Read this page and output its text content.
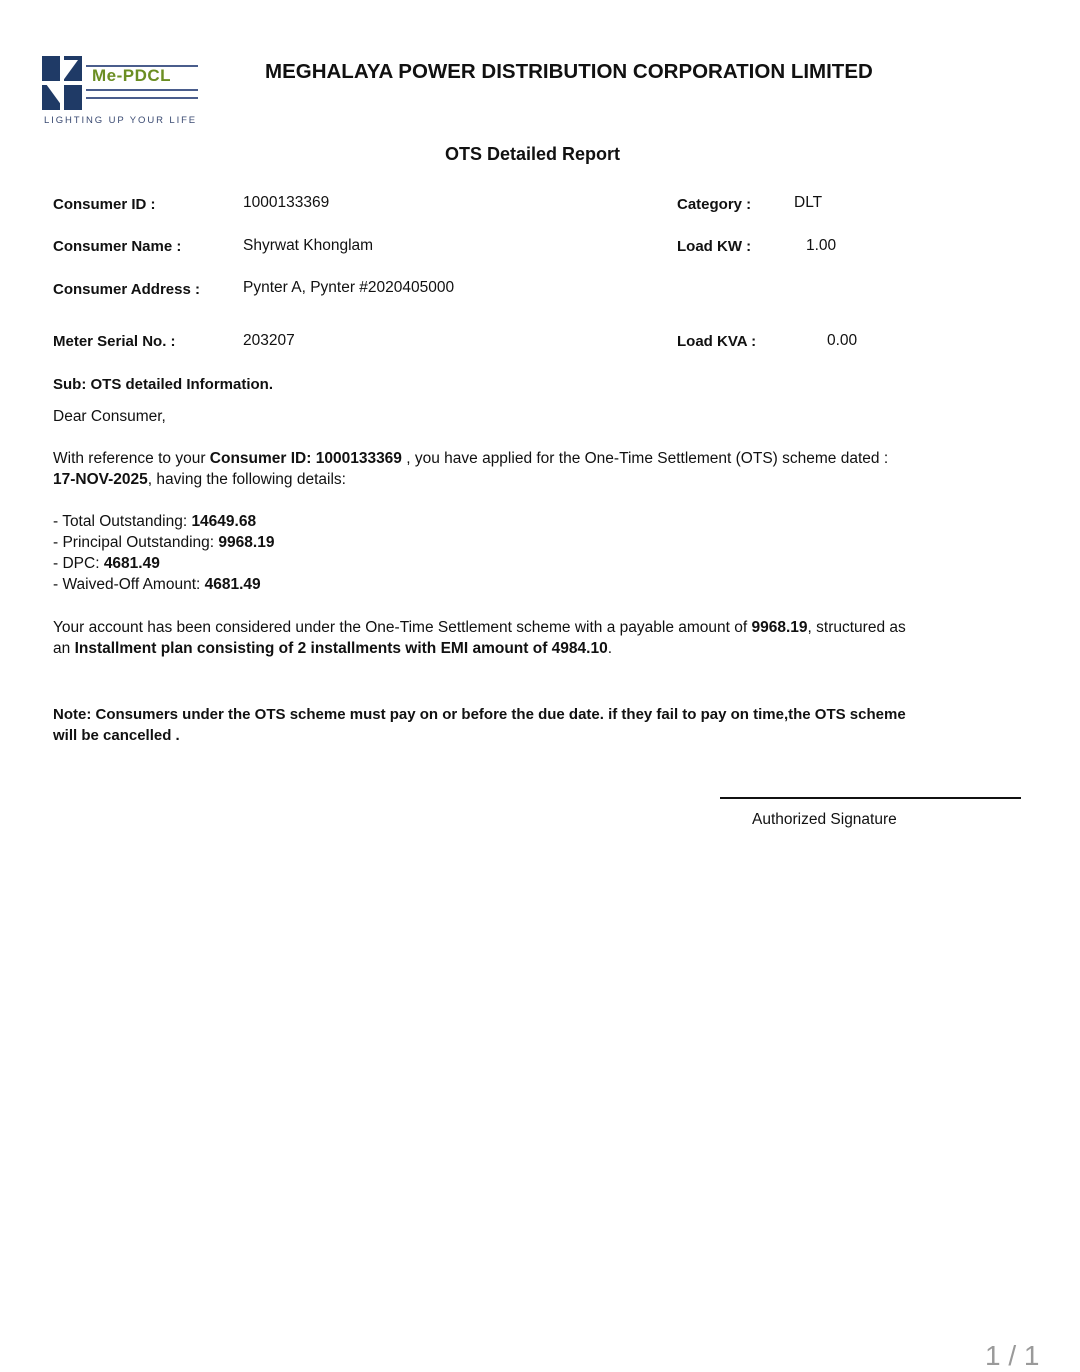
Me-PDCL
LIGHTING UP YOUR LIFE
MEGHALAYA POWER DISTRIBUTION CORPORATION LIMITED
OTS Detailed Report
Consumer ID :	1000133369	Category :	DLT
Consumer Name :	Shyrwat Khonglam	Load KW :	1.00
Consumer Address :	Pynter A, Pynter #2020405000
Meter Serial No. :	203207	Load KVA :	0.00
Sub: OTS detailed Information.
Dear Consumer,
With reference to your Consumer ID: 1000133369 , you have applied for the One-Time Settlement (OTS) scheme dated :
17-NOV-2025, having the following details:
- Total Outstanding: 14649.68
- Principal Outstanding: 9968.19
- DPC: 4681.49
- Waived-Off Amount: 4681.49
Your account has been considered under the One-Time Settlement scheme with a payable amount of 9968.19, structured as
an Installment plan consisting of 2 installments with EMI amount of 4984.10.
Note: Consumers under the OTS scheme must pay on or before the due date. if they fail to pay on time,the OTS scheme will be cancelled .
Authorized Signature
1 / 1
